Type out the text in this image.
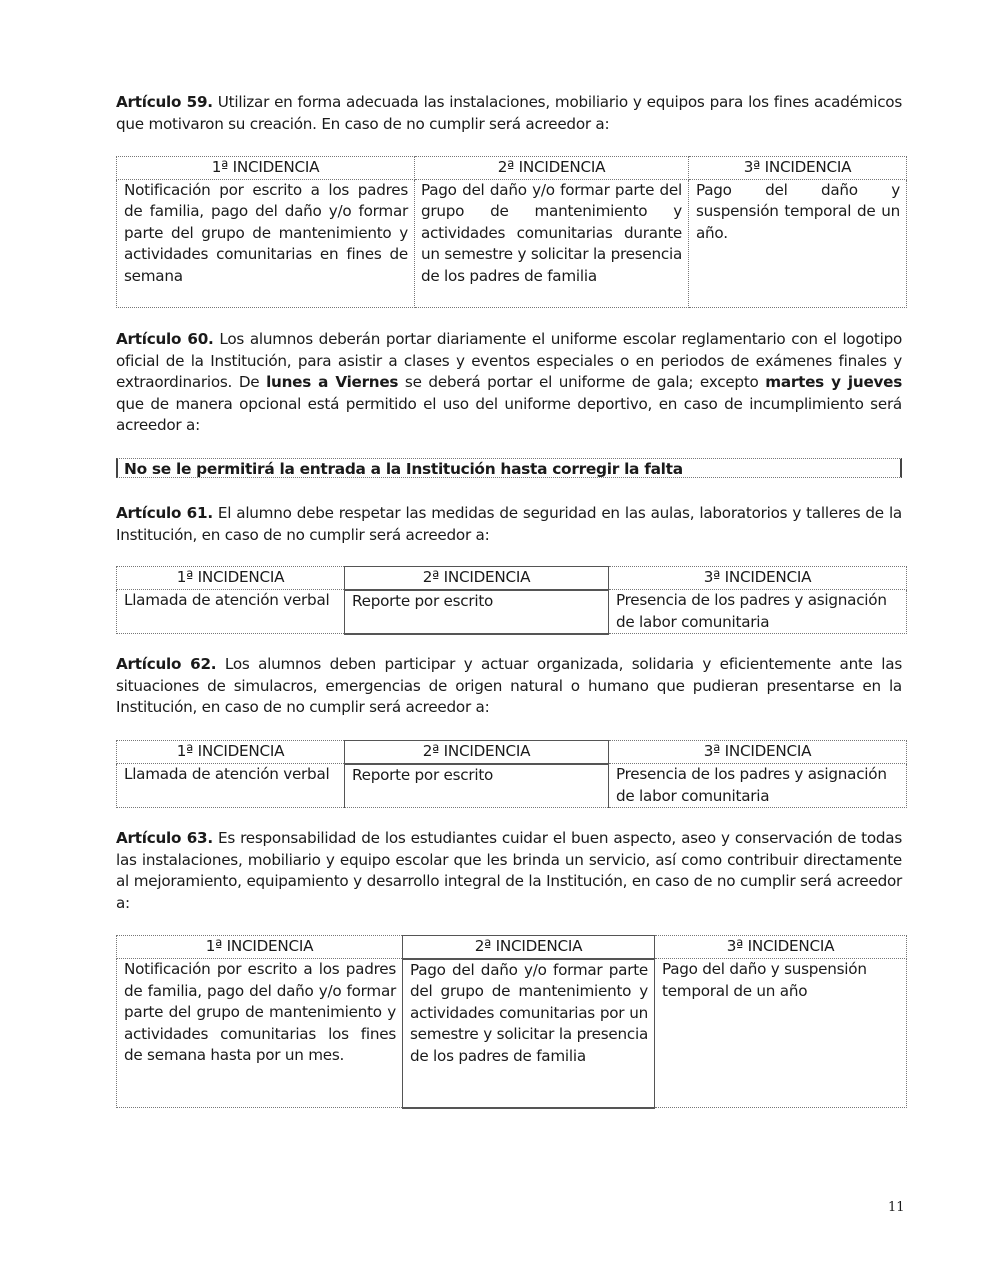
Artículo 59. Utilizar en forma adecuada las instalaciones, mobiliario y equipos para los fines académicos que motivaron su creación. En caso de no cumplir será acreedor a:

1ª INCIDENCIA	2ª INCIDENCIA	3ª INCIDENCIA
Notificación por escrito a los padres de familia, pago del daño y/o formar parte del grupo de mantenimiento y actividades comunitarias en fines de semana	Pago del daño y/o formar parte del grupo de mantenimiento y actividades comunitarias durante un semestre y solicitar la presencia de los padres de familia	Pago del daño y suspensión temporal de un año.

Artículo 60. Los alumnos deberán portar diariamente el uniforme escolar reglamentario con el logotipo oficial de la Institución, para asistir a clases y eventos especiales o en periodos de exámenes finales y extraordinarios. De lunes a Viernes se deberá portar el uniforme de gala; excepto martes y jueves que de manera opcional está permitido el uso del uniforme deportivo, en caso de incumplimiento será acreedor a:

No se le permitirá la entrada a la Institución hasta corregir la falta

Artículo 61. El alumno debe respetar las medidas de seguridad en las aulas, laboratorios y talleres de la Institución, en caso de no cumplir será acreedor a:

1ª INCIDENCIA	2ª INCIDENCIA	3ª INCIDENCIA
Llamada de atención verbal	Reporte por escrito	Presencia de los padres y asignación de labor comunitaria

Artículo 62. Los alumnos deben participar y actuar organizada, solidaria y eficientemente ante las situaciones de simulacros, emergencias de origen natural o humano que pudieran presentarse en la Institución, en caso de no cumplir será acreedor a:

1ª INCIDENCIA	2ª INCIDENCIA	3ª INCIDENCIA
Llamada de atención verbal	Reporte por escrito	Presencia de los padres y asignación de labor comunitaria

Artículo 63. Es responsabilidad de los estudiantes cuidar el buen aspecto, aseo y conservación de todas las instalaciones, mobiliario y equipo escolar que les brinda un servicio, así como contribuir directamente al mejoramiento, equipamiento y desarrollo integral de la Institución, en caso de no cumplir será acreedor a:

1ª INCIDENCIA	2ª INCIDENCIA	3ª INCIDENCIA
Notificación por escrito a los padres de familia, pago del daño y/o formar parte del grupo de mantenimiento y actividades comunitarias los fines de semana hasta por un mes.	Pago del daño y/o formar parte del grupo de mantenimiento y actividades comunitarias por un semestre y solicitar la presencia de los padres de familia	Pago del daño y suspensión temporal de un año
11
